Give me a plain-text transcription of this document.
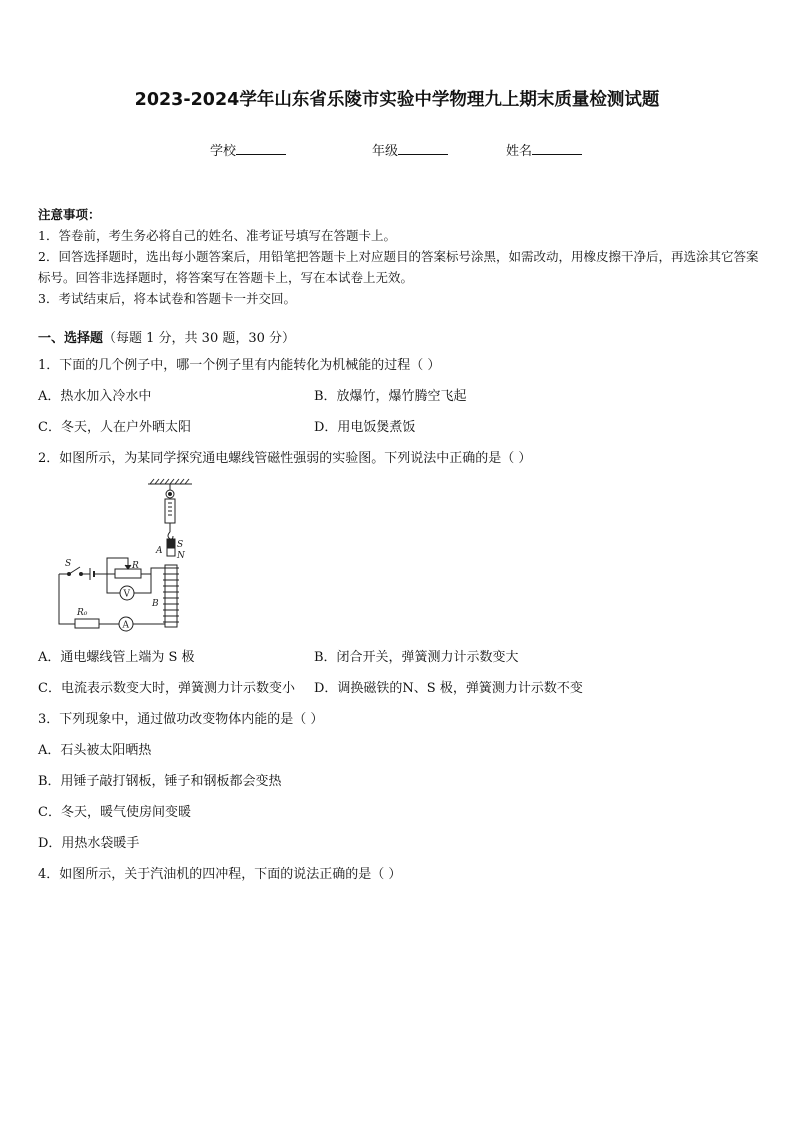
2023-2024学年山东省乐陵市实验中学物理九上期末质量检测试题
学校	年级	姓名

注意事项：

1．答卷前，考生务必将自己的姓名、准考证号填写在答题卡上。

2．回答选择题时，选出每小题答案后，用铅笔把答题卡上对应题目的答案标号涂黑，如需改动，用橡皮擦干净后，再选涂其它答案标号。回答非选择题时，将答案写在答题卡上，写在本试卷上无效。

3．考试结束后，将本试卷和答题卡一并交回。

一、选择题（每题 1 分，共 30 题，30 分）
1．下面的几个例子中，哪一个例子里有内能转化为机械能的过程（ ）
A．热水加入冷水中	B．放爆竹，爆竹腾空飞起
C．冬天，人在户外晒太阳	D．用电饭煲煮饭
2．如图所示，为某同学探究通电螺线管磁性强弱的实验图。下列说法中正确的是（ ）
A
S
N
B
S	R
V
R₀
A
A．通电螺线管上端为 S 极	B．闭合开关，弹簧测力计示数变大
C．电流表示数变大时，弹簧测力计示数变小 D．调换磁铁的N、S 极，弹簧测力计示数不变
3．下列现象中，通过做功改变物体内能的是（ ）
A．石头被太阳晒热
B．用锤子敲打钢板，锤子和钢板都会变热
C．冬天，暖气使房间变暖
D．用热水袋暖手
4．如图所示，关于汽油机的四冲程，下面的说法正确的是（ ）
